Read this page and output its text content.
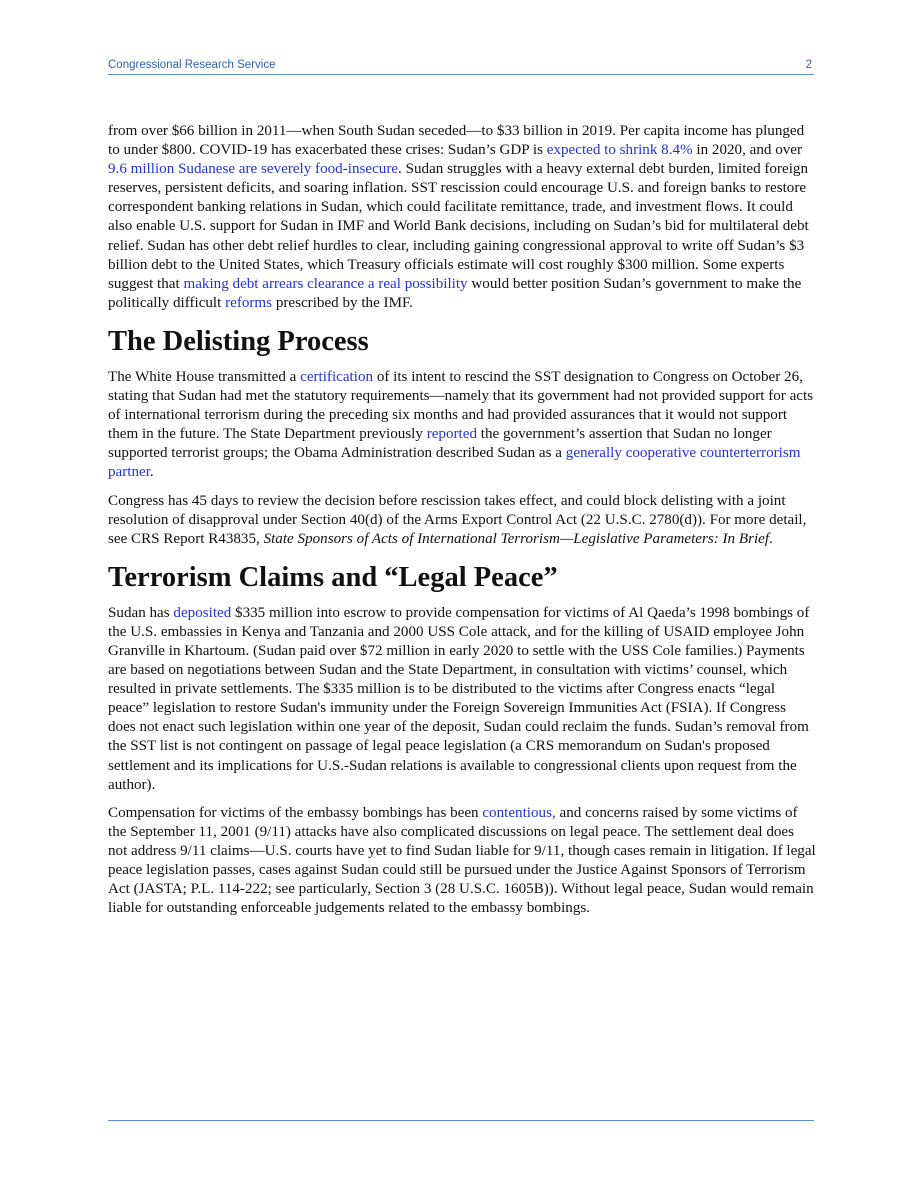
Congressional Research Service	2

from over $66 billion in 2011—when South Sudan seceded—to $33 billion in 2019. Per capita income has plunged to under $800. COVID-19 has exacerbated these crises: Sudan’s GDP is expected to shrink 8.4% in 2020, and over 9.6 million Sudanese are severely food-insecure. Sudan struggles with a heavy external debt burden, limited foreign reserves, persistent deficits, and soaring inflation. SST rescission could encourage U.S. and foreign banks to restore correspondent banking relations in Sudan, which could facilitate remittance, trade, and investment flows. It could also enable U.S. support for Sudan in IMF and World Bank decisions, including on Sudan’s bid for multilateral debt relief. Sudan has other debt relief hurdles to clear, including gaining congressional approval to write off Sudan’s $3 billion debt to the United States, which Treasury officials estimate will cost roughly $300 million. Some experts suggest that making debt arrears clearance a real possibility would better position Sudan’s government to make the politically difficult reforms prescribed by the IMF.

The Delisting Process

The White House transmitted a certification of its intent to rescind the SST designation to Congress on October 26, stating that Sudan had met the statutory requirements—namely that its government had not provided support for acts of international terrorism during the preceding six months and had provided assurances that it would not support them in the future. The State Department previously reported the government’s assertion that Sudan no longer supported terrorist groups; the Obama Administration described Sudan as a generally cooperative counterterrorism partner.

Congress has 45 days to review the decision before rescission takes effect, and could block delisting with a joint resolution of disapproval under Section 40(d) of the Arms Export Control Act (22 U.S.C. 2780(d)). For more detail, see CRS Report R43835, State Sponsors of Acts of International Terrorism—Legislative Parameters: In Brief.

Terrorism Claims and “Legal Peace”

Sudan has deposited $335 million into escrow to provide compensation for victims of Al Qaeda’s 1998 bombings of the U.S. embassies in Kenya and Tanzania and 2000 USS Cole attack, and for the killing of USAID employee John Granville in Khartoum. (Sudan paid over $72 million in early 2020 to settle with the USS Cole families.) Payments are based on negotiations between Sudan and the State Department, in consultation with victims’ counsel, which resulted in private settlements. The $335 million is to be distributed to the victims after Congress enacts “legal peace” legislation to restore Sudan's immunity under the Foreign Sovereign Immunities Act (FSIA). If Congress does not enact such legislation within one year of the deposit, Sudan could reclaim the funds. Sudan’s removal from the SST list is not contingent on passage of legal peace legislation (a CRS memorandum on Sudan's proposed settlement and its implications for U.S.-Sudan relations is available to congressional clients upon request from the author).

Compensation for victims of the embassy bombings has been contentious, and concerns raised by some victims of the September 11, 2001 (9/11) attacks have also complicated discussions on legal peace. The settlement deal does not address 9/11 claims—U.S. courts have yet to find Sudan liable for 9/11, though cases remain in litigation. If legal peace legislation passes, cases against Sudan could still be pursued under the Justice Against Sponsors of Terrorism Act (JASTA; P.L. 114-222; see particularly, Section 3 (28 U.S.C. 1605B)). Without legal peace, Sudan would remain liable for outstanding enforceable judgements related to the embassy bombings.
